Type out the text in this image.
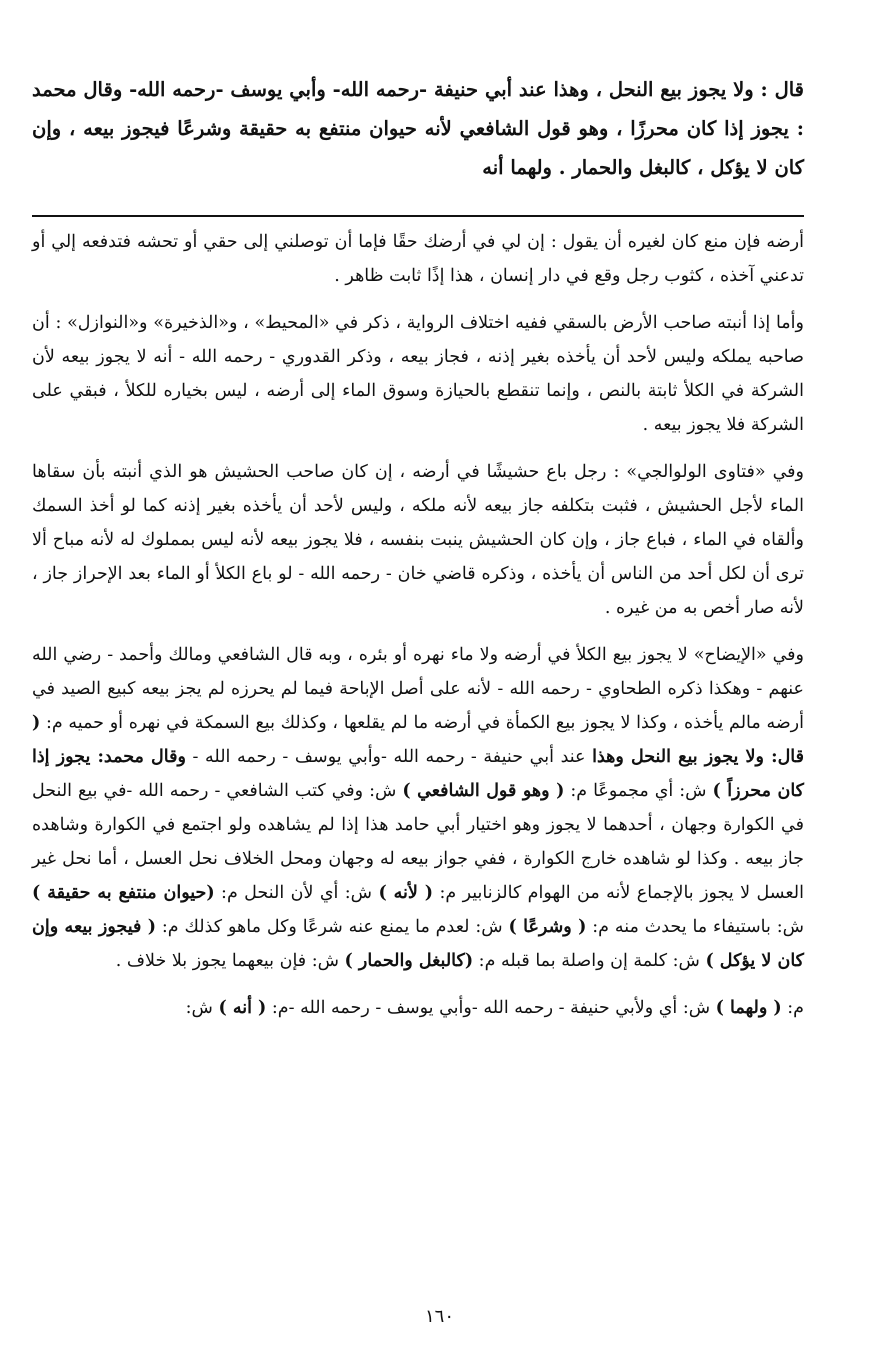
قال : ولا يجوز بيع النحل ، وهذا عند أبي حنيفة -رحمه الله- وأبي يوسف -رحمه الله- وقال محمد : يجوز إذا كان محرزًا ، وهو قول الشافعي لأنه حيوان منتفع به حقيقة وشرعًا فيجوز بيعه ، وإن كان لا يؤكل ، كالبغل والحمار . ولهما أنه

أرضه فإن منع كان لغيره أن يقول : إن لي في أرضك حقًا فإما أن توصلني إلى حقي أو تحشه فتدفعه إلي أو تدعني آخذه ، كثوب رجل وقع في دار إنسان ، هذا إذًا ثابت ظاهر .

وأما إذا أنبته صاحب الأرض بالسقي ففيه اختلاف الرواية ، ذكر في «المحيط» ، و«الذخيرة» و«النوازل» : أن صاحبه يملكه وليس لأحد أن يأخذه بغير إذنه ، فجاز بيعه ، وذكر القدوري - رحمه الله - أنه لا يجوز بيعه لأن الشركة في الكلأ ثابتة بالنص ، وإنما تنقطع بالحيازة وسوق الماء إلى أرضه ، ليس بخياره للكلأ ، فبقي على الشركة فلا يجوز بيعه .

وفي «فتاوى الولوالجي» : رجل باع حشيشًا في أرضه ، إن كان صاحب الحشيش هو الذي أنبته بأن سقاها الماء لأجل الحشيش ، فثبت بتكلفه جاز بيعه لأنه ملكه ، وليس لأحد أن يأخذه بغير إذنه كما لو أخذ السمك وألقاه في الماء ، فباع جاز ، وإن كان الحشيش ينبت بنفسه ، فلا يجوز بيعه لأنه ليس بمملوك له لأنه مباح ألا ترى أن لكل أحد من الناس أن يأخذه ، وذكره قاضي خان - رحمه الله - لو باع الكلأ أو الماء بعد الإحراز جاز ، لأنه صار أخص به من غيره .

وفي «الإيضاح» لا يجوز بيع الكلأ في أرضه ولا ماء نهره أو بئره ، وبه قال الشافعي ومالك وأحمد - رضي الله عنهم - وهكذا ذكره الطحاوي - رحمه الله - لأنه على أصل الإباحة فيما لم يحرزه لم يجز بيعه كبيع الصيد في أرضه مالم يأخذه ، وكذا لا يجوز بيع الكمأة في أرضه ما لم يقلعها ، وكذلك بيع السمكة في نهره أو حميه م: ( قال: ولا يجوز بيع النحل وهذا عند أبي حنيفة - رحمه الله -وأبي يوسف - رحمه الله - وقال محمد: يجوز إذا كان محرزاً ) ش: أي مجموعًا م: ( وهو قول الشافعي ) ش: وفي كتب الشافعي - رحمه الله -في بيع النحل في الكوارة وجهان ، أحدهما لا يجوز وهو اختيار أبي حامد هذا إذا لم يشاهده ولو اجتمع في الكوارة وشاهده جاز بيعه . وكذا لو شاهده خارج الكوارة ، ففي جواز بيعه له وجهان ومحل الخلاف نحل العسل ، أما نحل غير العسل لا يجوز بالإجماع لأنه من الهوام كالزنابير م: ( لأنه ) ش: أي لأن النحل م: (حيوان منتفع به حقيقة ) ش: باستيفاء ما يحدث منه م: ( وشرعًا ) ش: لعدم ما يمنع عنه شرعًا وكل ماهو كذلك م: ( فيجوز بيعه وإن كان لا يؤكل ) ش: كلمة إن واصلة بما قبله م: (كالبغل والحمار ) ش: فإن بيعهما يجوز بلا خلاف .

م: ( ولهما ) ش: أي ولأبي حنيفة - رحمه الله -وأبي يوسف - رحمه الله -م: ( أنه ) ش:

١٦٠
